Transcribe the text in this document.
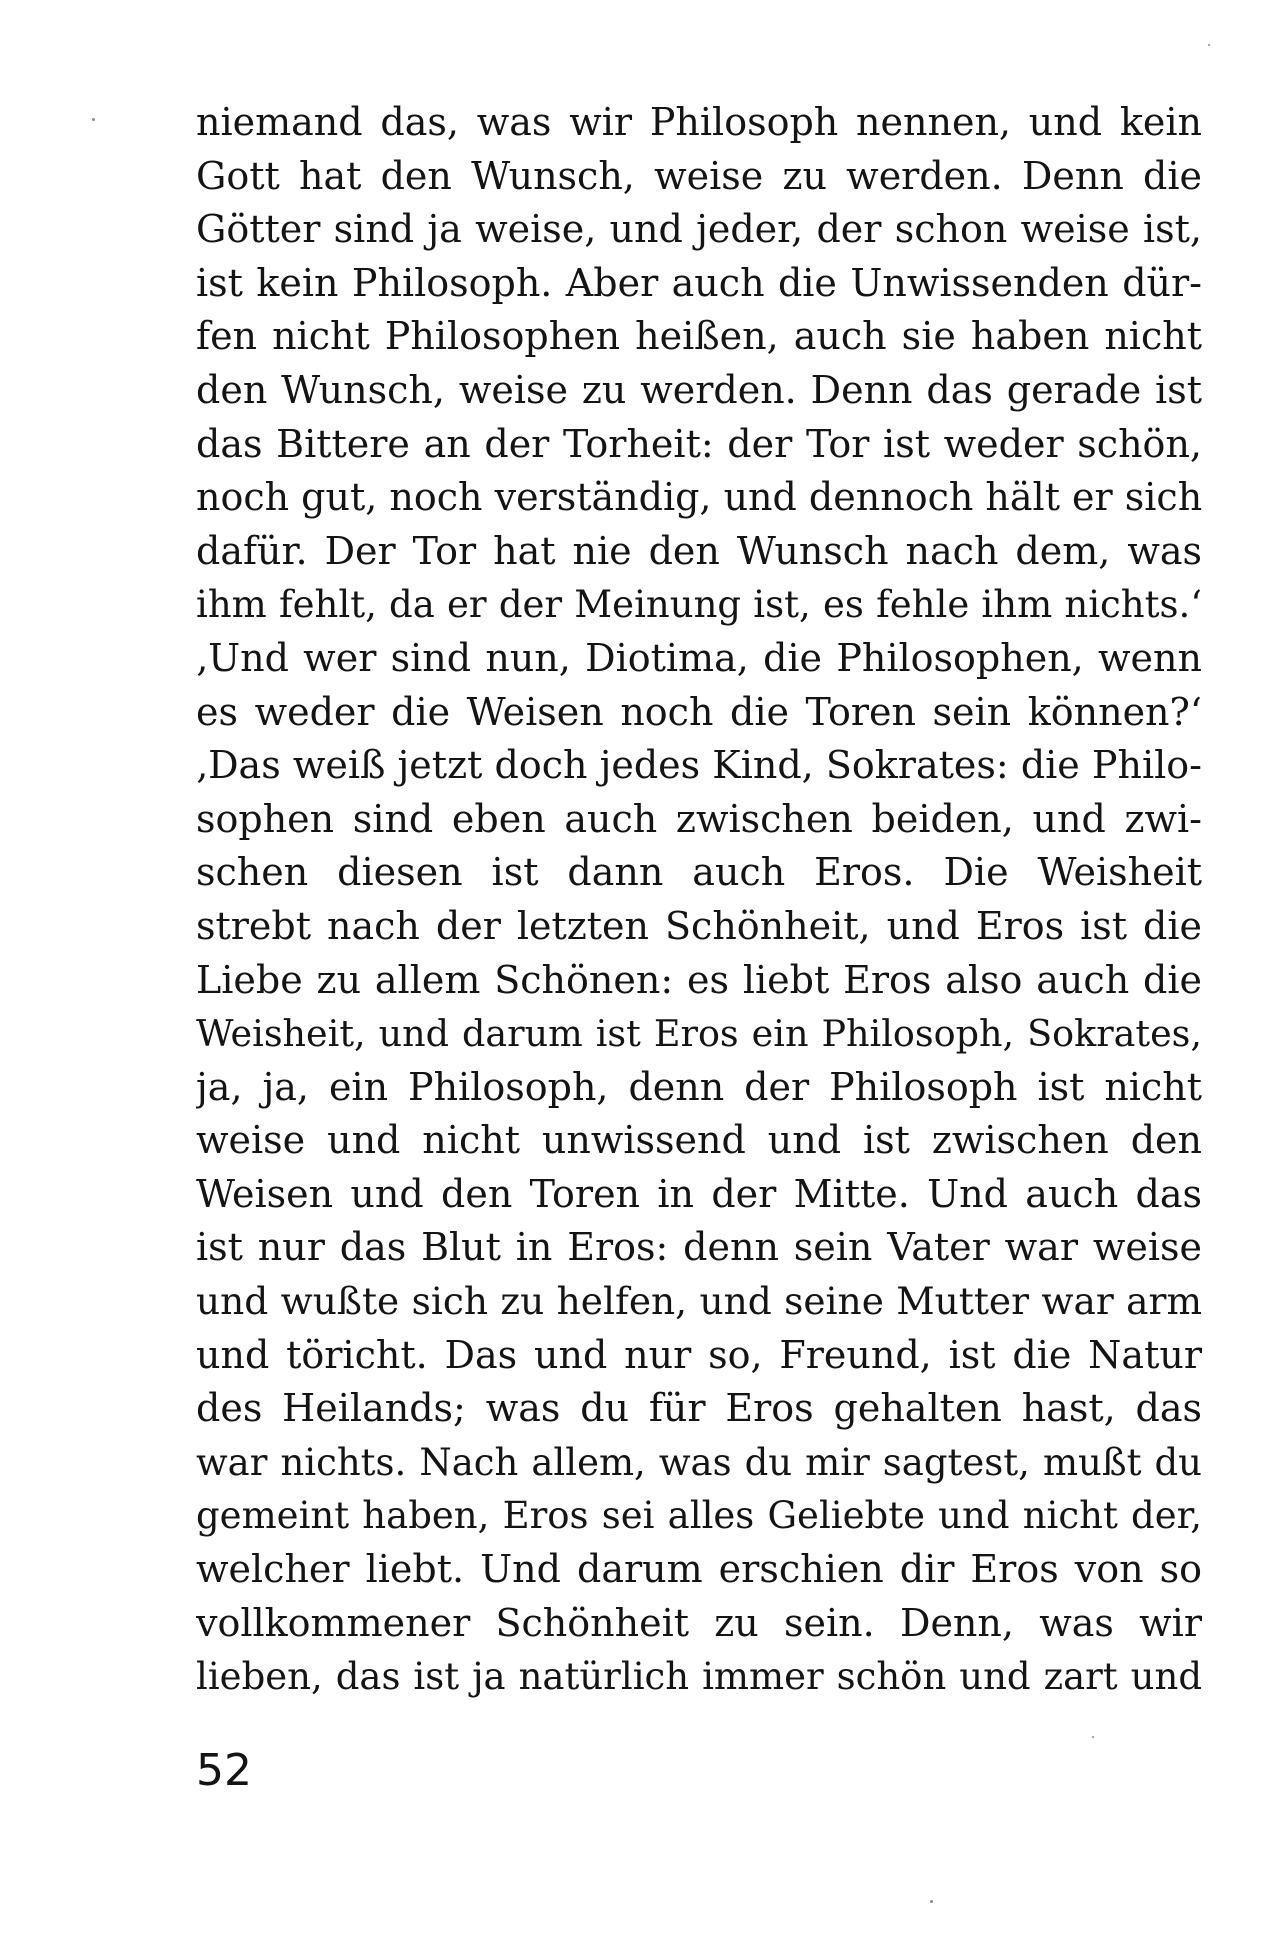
niemand das, was wir Philosoph nennen, und kein
Gott hat den Wunsch, weise zu werden. Denn die
Götter sind ja weise, und jeder, der schon weise ist,
ist kein Philosoph. Aber auch die Unwissenden dür-
fen nicht Philosophen heißen, auch sie haben nicht
den Wunsch, weise zu werden. Denn das gerade ist
das Bittere an der Torheit: der Tor ist weder schön,
noch gut, noch verständig, und dennoch hält er sich
dafür. Der Tor hat nie den Wunsch nach dem, was
ihm fehlt, da er der Meinung ist, es fehle ihm nichts.‘
‚Und wer sind nun, Diotima, die Philosophen, wenn
es weder die Weisen noch die Toren sein können?‘
‚Das weiß jetzt doch jedes Kind, Sokrates: die Philo-
sophen sind eben auch zwischen beiden, und zwi-
schen diesen ist dann auch Eros. Die Weisheit
strebt nach der letzten Schönheit, und Eros ist die
Liebe zu allem Schönen: es liebt Eros also auch die
Weisheit, und darum ist Eros ein Philosoph, Sokrates,
ja, ja, ein Philosoph, denn der Philosoph ist nicht
weise und nicht unwissend und ist zwischen den
Weisen und den Toren in der Mitte. Und auch das
ist nur das Blut in Eros: denn sein Vater war weise
und wußte sich zu helfen, und seine Mutter war arm
und töricht. Das und nur so, Freund, ist die Natur
des Heilands; was du für Eros gehalten hast, das
war nichts. Nach allem, was du mir sagtest, mußt du
gemeint haben, Eros sei alles Geliebte und nicht der,
welcher liebt. Und darum erschien dir Eros von so
vollkommener Schönheit zu sein. Denn, was wir
lieben, das ist ja natürlich immer schön und zart und
52
